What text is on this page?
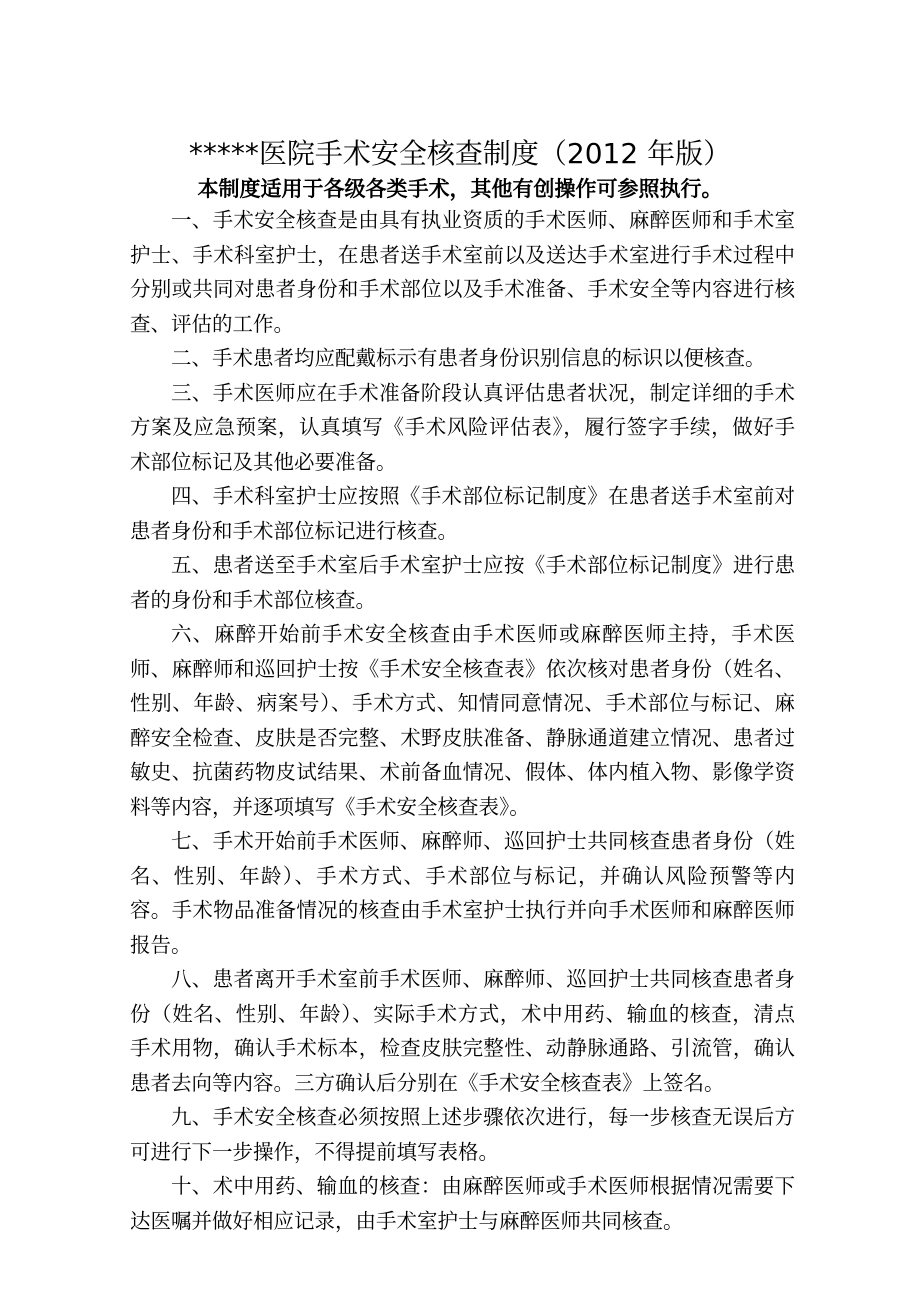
*****医院手术安全核查制度（2012 年版）
本制度适用于各级各类手术，其他有创操作可参照执行。

一、手术安全核查是由具有执业资质的手术医师、麻醉医师和手术室护士、手术科室护士，在患者送手术室前以及送达手术室进行手术过程中分别或共同对患者身份和手术部位以及手术准备、手术安全等内容进行核查、评估的工作。

二、手术患者均应配戴标示有患者身份识别信息的标识以便核查。

三、手术医师应在手术准备阶段认真评估患者状况，制定详细的手术方案及应急预案，认真填写《手术风险评估表》，履行签字手续，做好手术部位标记及其他必要准备。

四、手术科室护士应按照《手术部位标记制度》在患者送手术室前对患者身份和手术部位标记进行核查。

五、患者送至手术室后手术室护士应按《手术部位标记制度》进行患者的身份和手术部位核查。

六、麻醉开始前手术安全核查由手术医师或麻醉医师主持，手术医师、麻醉师和巡回护士按《手术安全核查表》依次核对患者身份（姓名、性别、年龄、病案号）、手术方式、知情同意情况、手术部位与标记、麻醉安全检查、皮肤是否完整、术野皮肤准备、静脉通道建立情况、患者过敏史、抗菌药物皮试结果、术前备血情况、假体、体内植入物、影像学资料等内容，并逐项填写《手术安全核查表》。

七、手术开始前手术医师、麻醉师、巡回护士共同核查患者身份（姓名、性别、年龄）、手术方式、手术部位与标记，并确认风险预警等内容。手术物品准备情况的核查由手术室护士执行并向手术医师和麻醉医师报告。

八、患者离开手术室前手术医师、麻醉师、巡回护士共同核查患者身份（姓名、性别、年龄）、实际手术方式，术中用药、输血的核查，清点手术用物，确认手术标本，检查皮肤完整性、动静脉通路、引流管，确认患者去向等内容。三方确认后分别在《手术安全核查表》上签名。

九、手术安全核查必须按照上述步骤依次进行，每一步核查无误后方可进行下一步操作，不得提前填写表格。

十、术中用药、输血的核查：由麻醉医师或手术医师根据情况需要下达医嘱并做好相应记录，由手术室护士与麻醉医师共同核查。
